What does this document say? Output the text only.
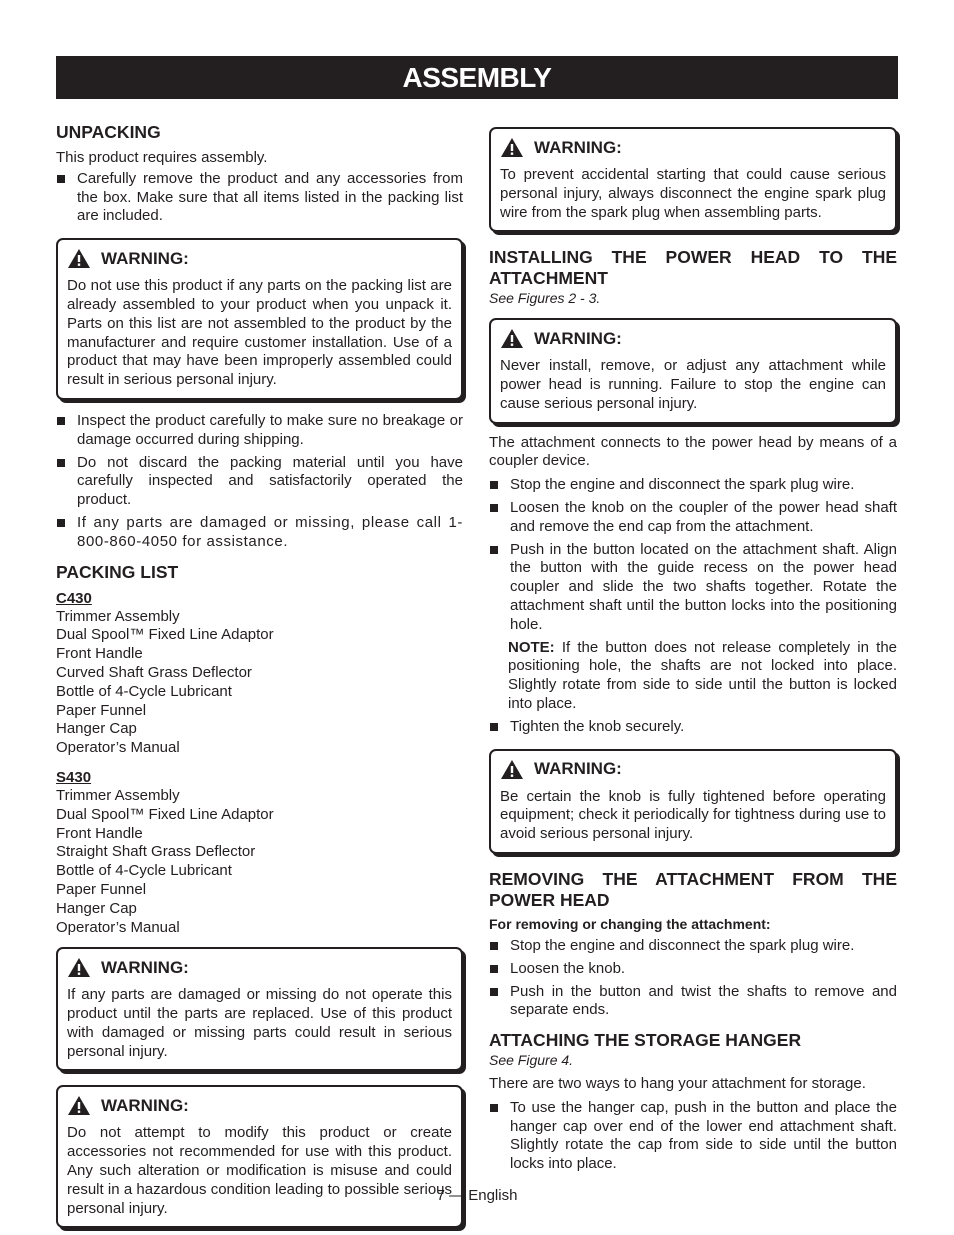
ASSEMBLY
UNPACKING
This product requires assembly.
Carefully remove the product and any accessories from the box. Make sure that all items listed in the packing list are included.
WARNING:
Do not use this product if any parts on the packing list are already assembled to your product when you unpack it. Parts on this list are not assembled to the product by the manufacturer and require customer installation. Use of a product that may have been improperly assembled could result in serious personal injury.
Inspect the product carefully to make sure no breakage or damage occurred during shipping.
Do not discard the packing material until you have carefully inspected and satisfactorily operated the product.
If any parts are damaged or missing, please call 1-800-860-4050 for assistance.
PACKING LIST
C430
Trimmer Assembly
Dual Spool™ Fixed Line Adaptor
Front Handle
Curved Shaft Grass Deflector
Bottle of 4-Cycle Lubricant
Paper Funnel
Hanger Cap
Operator’s Manual
S430
Trimmer Assembly
Dual Spool™ Fixed Line Adaptor
Front Handle
Straight Shaft Grass Deflector
Bottle of 4-Cycle Lubricant
Paper Funnel
Hanger Cap
Operator’s Manual
WARNING:
If any parts are damaged or missing do not operate this product until the parts are replaced. Use of this product with damaged or missing parts could result in serious personal injury.
WARNING:
Do not attempt to modify this product or create accessories not recommended for use with this product. Any such alteration or modification is misuse and could result in a hazardous condition leading to possible serious personal injury.
WARNING:
To prevent accidental starting that could cause serious personal injury, always disconnect the engine spark plug wire from the spark plug when assembling parts.
INSTALLING THE POWER HEAD TO THE ATTACHMENT
See Figures 2 - 3.
WARNING:
Never install, remove, or adjust any attachment while power head is running. Failure to stop the engine can cause serious personal injury.
The attachment connects to the power head by means of a coupler device.
Stop the engine and disconnect the spark plug wire.
Loosen the knob on the coupler of the power head shaft and remove the end cap from the attachment.
Push in the button located on the attachment shaft. Align the button with the guide recess on the power head coupler and slide the two shafts together. Rotate the attachment shaft until the button locks into the positioning hole.
NOTE: If the button does not release completely in the positioning hole, the shafts are not locked into place. Slightly rotate from side to side until the button is locked into place.
Tighten the knob securely.
WARNING:
Be certain the knob is fully tightened before operating equipment; check it periodically for tightness during use to avoid serious personal injury.
REMOVING THE ATTACHMENT FROM THE POWER HEAD
For removing or changing the attachment:
Stop the engine and disconnect the spark plug wire.
Loosen the knob.
Push in the button and twist the shafts to remove and separate ends.
ATTACHING THE STORAGE HANGER
See Figure 4.
There are two ways to hang your attachment for storage.
To use the hanger cap, push in the button and place the hanger cap over end of the lower end attachment shaft. Slightly rotate the cap from side to side until the button locks into place.
7 — English
